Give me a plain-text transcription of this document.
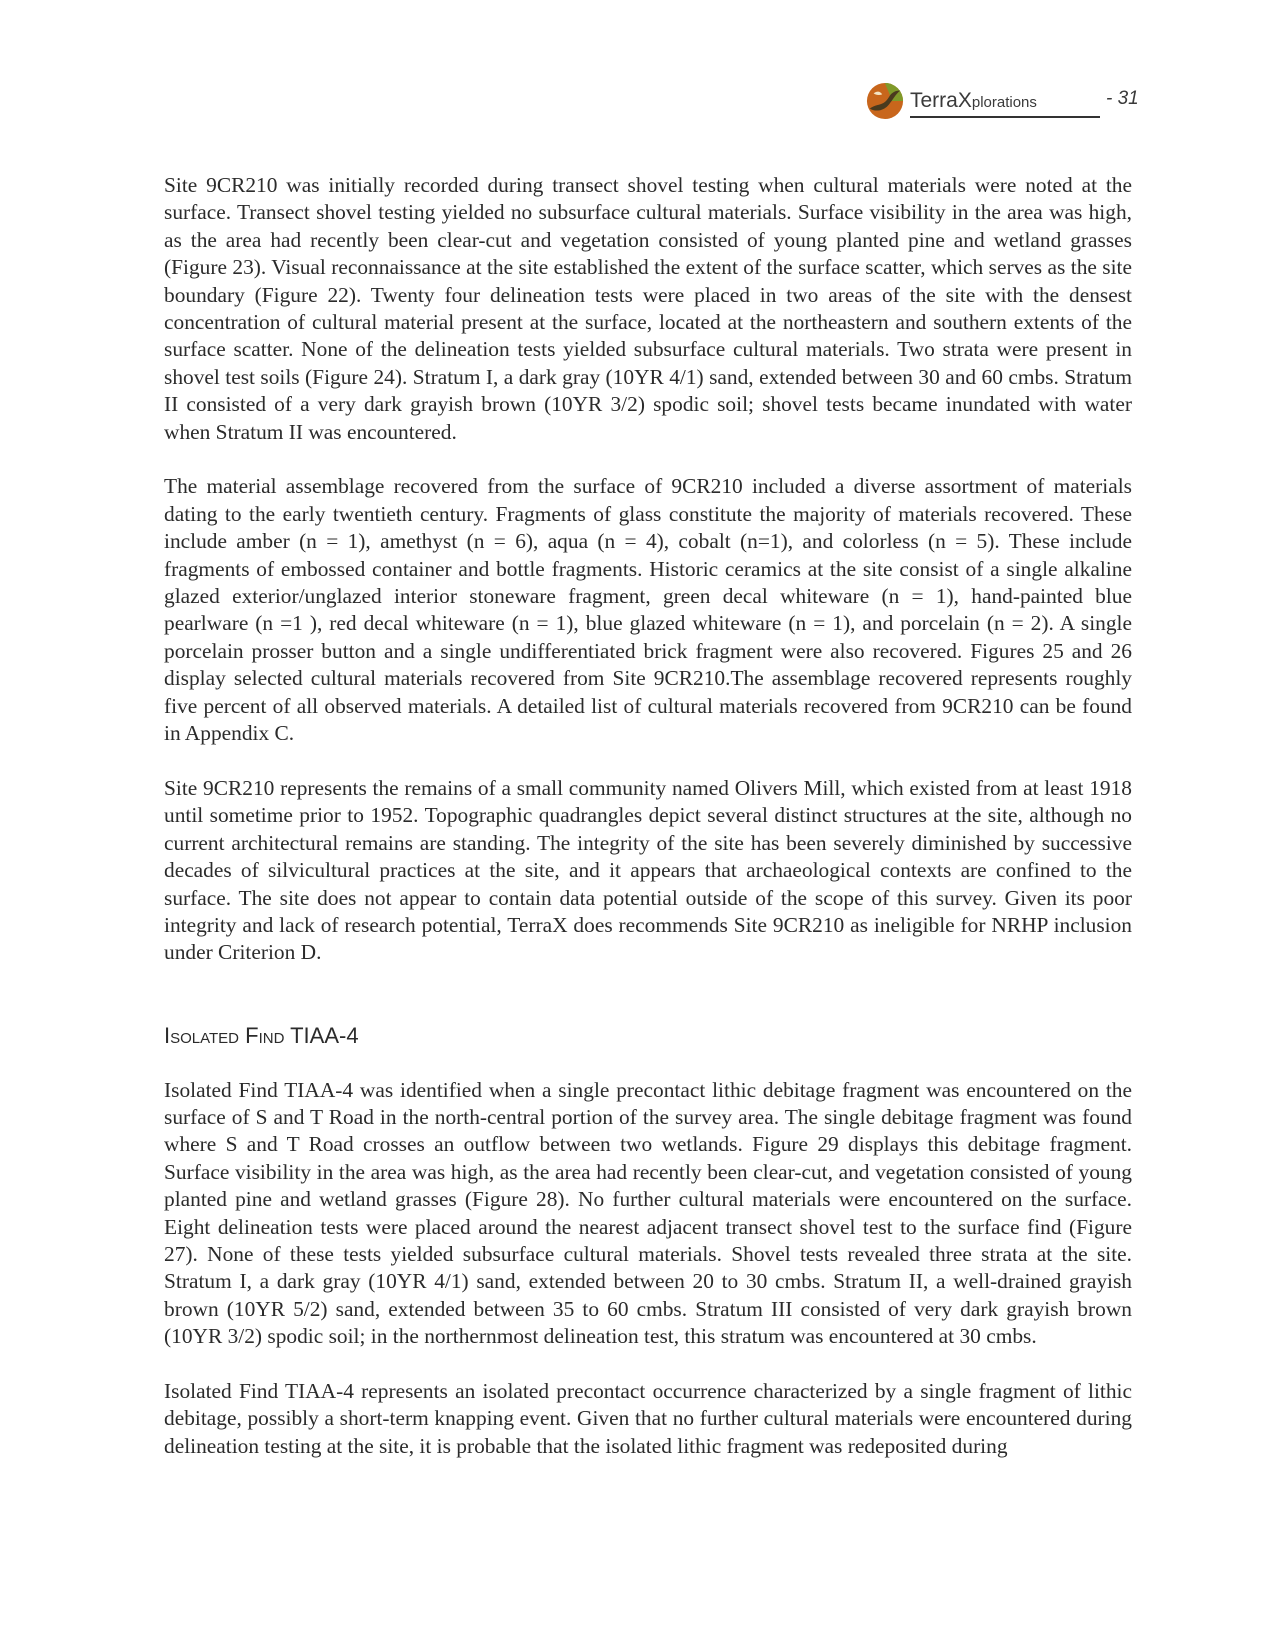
TerraXplorations	- 31

Site 9CR210 was initially recorded during transect shovel testing when cultural materials were noted at the surface. Transect shovel testing yielded no subsurface cultural materials. Surface visibility in the area was high, as the area had recently been clear-cut and vegetation consisted of young planted pine and wetland grasses (Figure 23). Visual reconnaissance at the site established the extent of the surface scatter, which serves as the site boundary (Figure 22). Twenty four delineation tests were placed in two areas of the site with the densest concentration of cultural material present at the surface, located at the northeastern and southern extents of the surface scatter. None of the delineation tests yielded subsurface cultural materials. Two strata were present in shovel test soils (Figure 24). Stratum I, a dark gray (10YR 4/1) sand, extended between 30 and 60 cmbs. Stratum II consisted of a very dark grayish brown (10YR 3/2) spodic soil; shovel tests became inundated with water when Stratum II was encountered.

The material assemblage recovered from the surface of 9CR210 included a diverse assortment of materials dating to the early twentieth century. Fragments of glass constitute the majority of materials recovered. These include amber (n = 1), amethyst (n = 6), aqua (n = 4), cobalt (n=1), and colorless (n = 5). These include fragments of embossed container and bottle fragments. Historic ceramics at the site consist of a single alkaline glazed exterior/unglazed interior stoneware fragment, green decal whiteware (n = 1), hand-painted blue pearlware (n =1 ), red decal whiteware (n = 1), blue glazed whiteware (n = 1), and porcelain (n = 2). A single porcelain prosser button and a single undifferentiated brick fragment were also recovered. Figures 25 and 26 display selected cultural materials recovered from Site 9CR210.The assemblage recovered represents roughly five percent of all observed materials. A detailed list of cultural materials recovered from 9CR210 can be found in Appendix C.

Site 9CR210 represents the remains of a small community named Olivers Mill, which existed from at least 1918 until sometime prior to 1952. Topographic quadrangles depict several distinct structures at the site, although no current architectural remains are standing. The integrity of the site has been severely diminished by successive decades of silvicultural practices at the site, and it appears that archaeological contexts are confined to the surface. The site does not appear to contain data potential outside of the scope of this survey. Given its poor integrity and lack of research potential, TerraX does recommends Site 9CR210 as ineligible for NRHP inclusion under Criterion D.

Isolated Find TIAA-4

Isolated Find TIAA-4 was identified when a single precontact lithic debitage fragment was encountered on the surface of S and T Road in the north-central portion of the survey area. The single debitage fragment was found where S and T Road crosses an outflow between two wetlands. Figure 29 displays this debitage fragment. Surface visibility in the area was high, as the area had recently been clear-cut, and vegetation consisted of young planted pine and wetland grasses (Figure 28). No further cultural materials were encountered on the surface. Eight delineation tests were placed around the nearest adjacent transect shovel test to the surface find (Figure 27). None of these tests yielded subsurface cultural materials. Shovel tests revealed three strata at the site. Stratum I, a dark gray (10YR 4/1) sand, extended between 20 to 30 cmbs. Stratum II, a well-drained grayish brown (10YR 5/2) sand, extended between 35 to 60 cmbs. Stratum III consisted of very dark grayish brown (10YR 3/2) spodic soil; in the northernmost delineation test, this stratum was encountered at 30 cmbs.

Isolated Find TIAA-4 represents an isolated precontact occurrence characterized by a single fragment of lithic debitage, possibly a short-term knapping event. Given that no further cultural materials were encountered during delineation testing at the site, it is probable that the isolated lithic fragment was redeposited during
